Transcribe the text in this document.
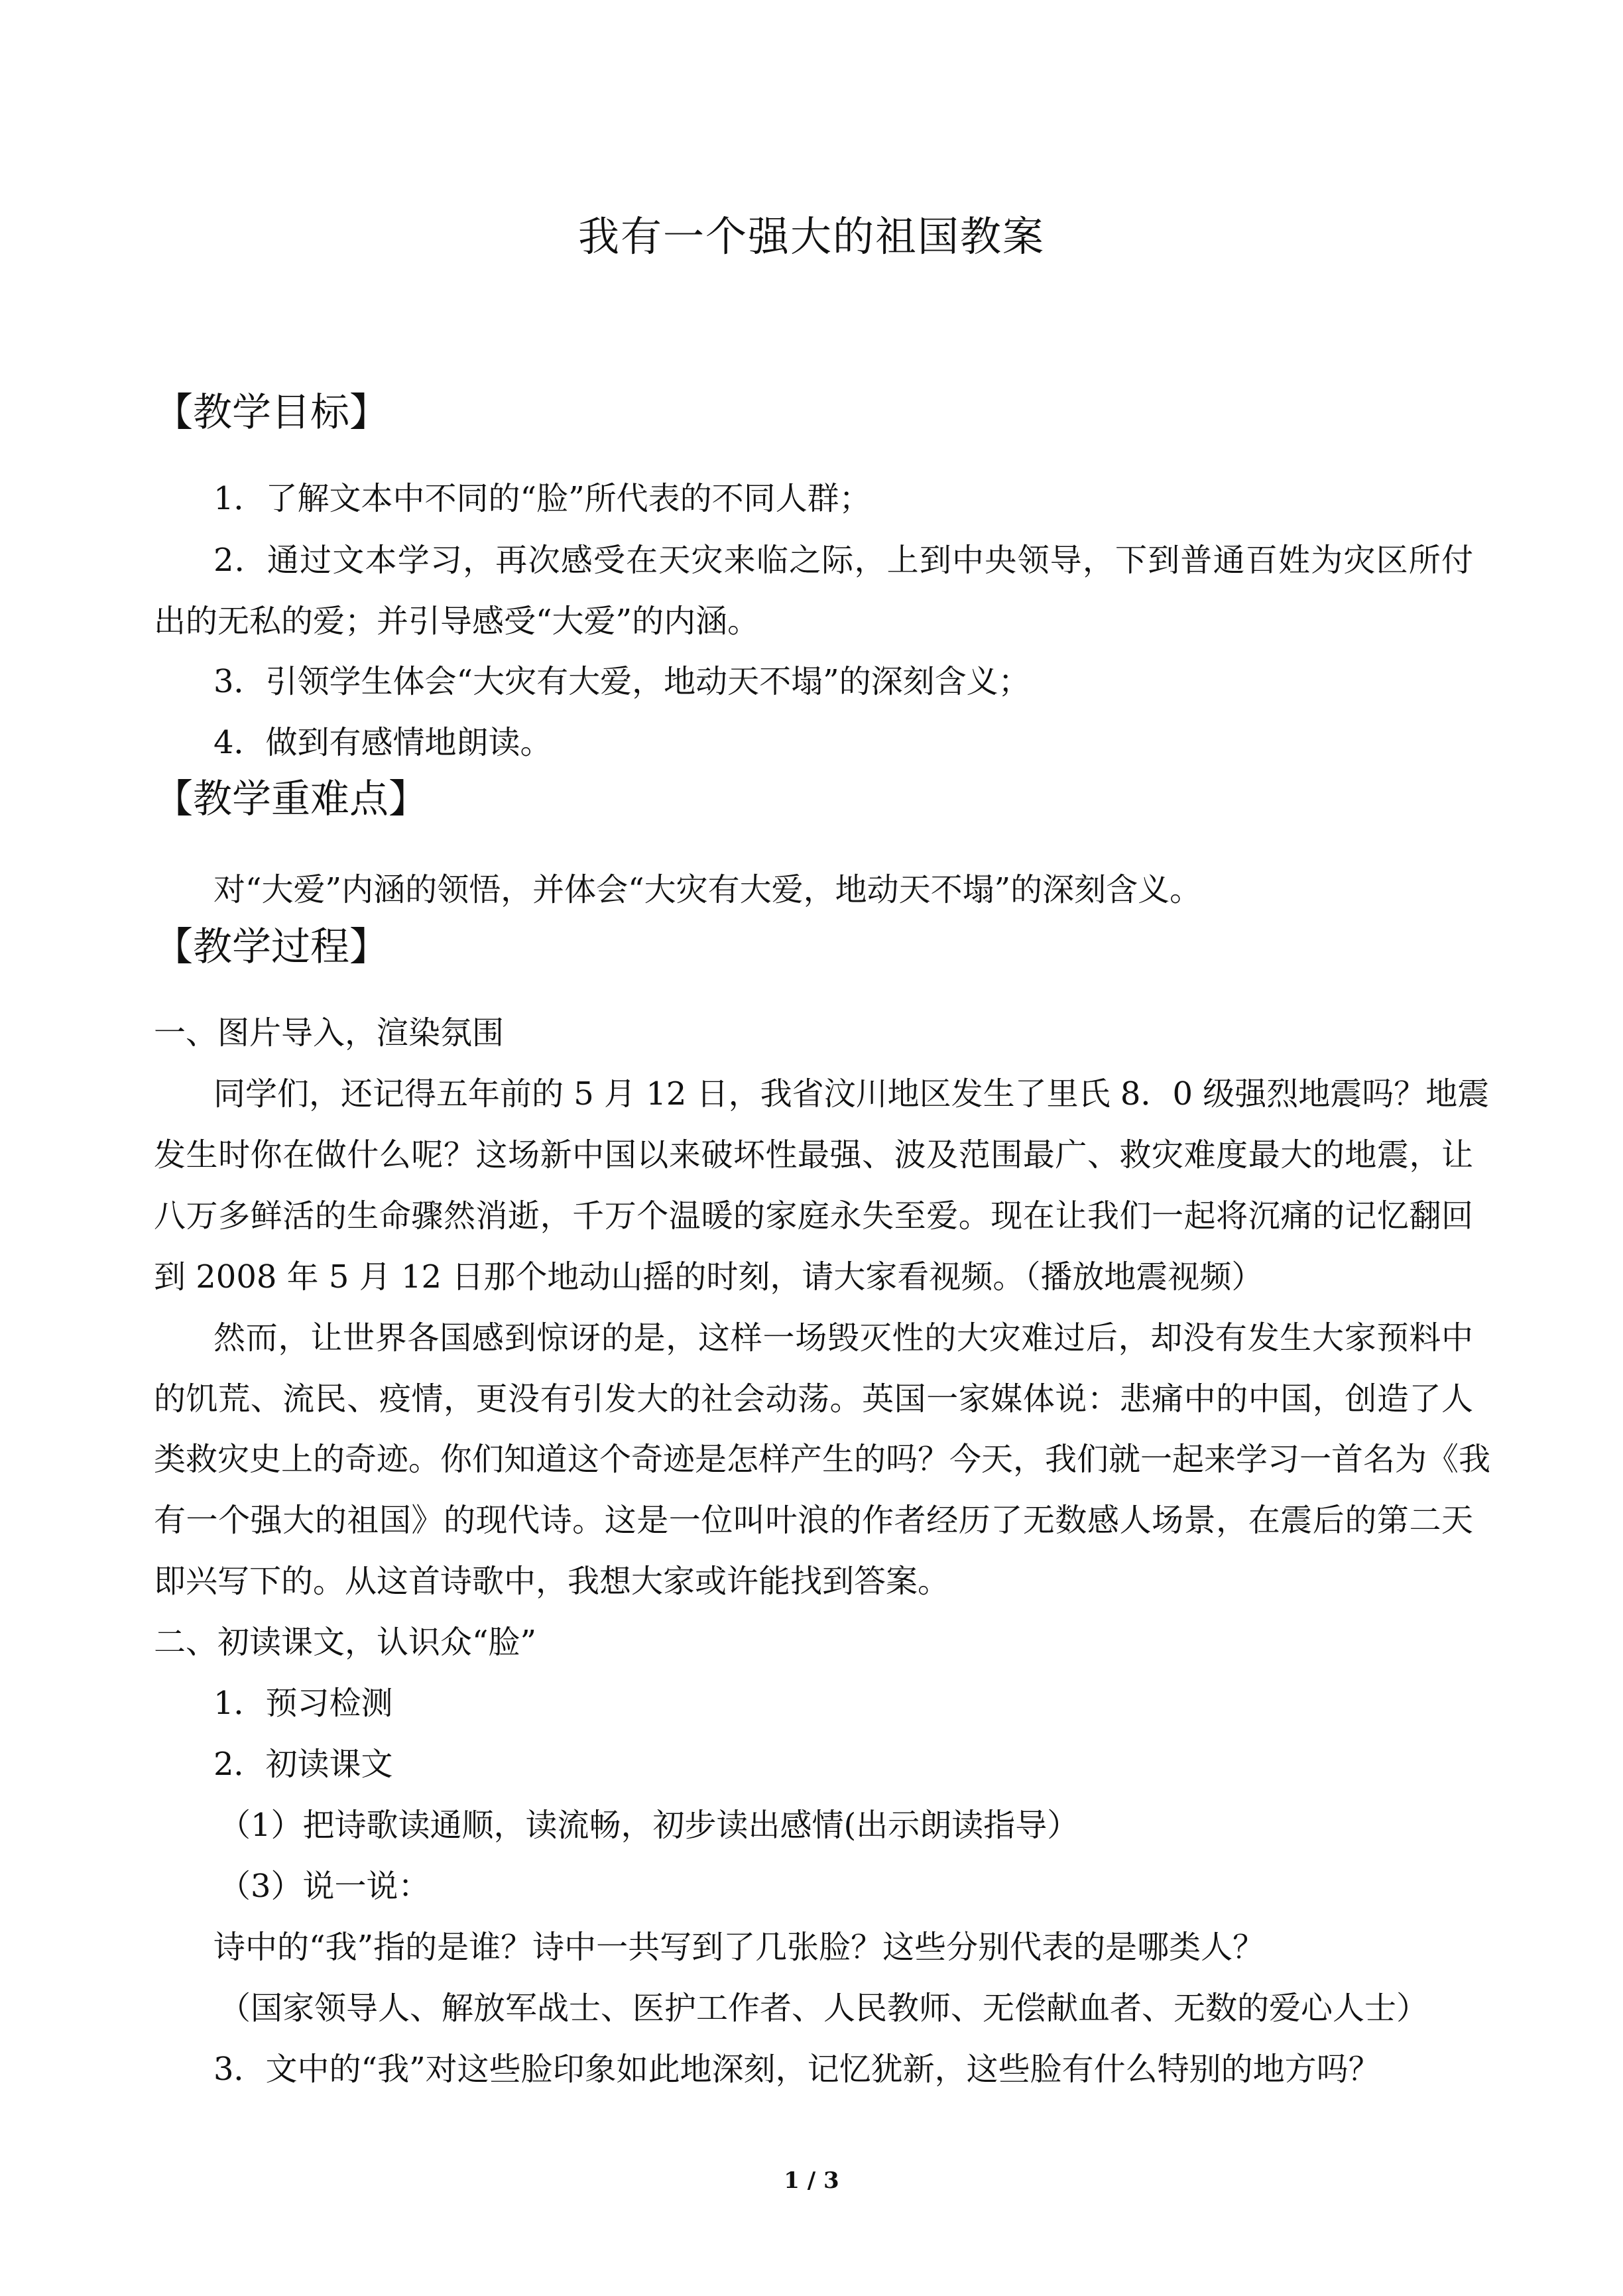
我有一个强大的祖国教案
【教学目标】
1．了解文本中不同的“脸”所代表的不同人群；
2．通过文本学习，再次感受在天灾来临之际，上到中央领导，下到普通百姓为灾区所付
出的无私的爱；并引导感受“大爱”的内涵。
3．引领学生体会“大灾有大爱，地动天不塌”的深刻含义；
4．做到有感情地朗读。
【教学重难点】
对“大爱”内涵的领悟，并体会“大灾有大爱，地动天不塌”的深刻含义。
【教学过程】
一、图片导入，渲染氛围
同学们，还记得五年前的 5 月 12 日，我省汶川地区发生了里氏 8．0 级强烈地震吗？地震
发生时你在做什么呢？这场新中国以来破坏性最强、波及范围最广、救灾难度最大的地震，让
八万多鲜活的生命骤然消逝，千万个温暖的家庭永失至爱。现在让我们一起将沉痛的记忆翻回
到 2008 年 5 月 12 日那个地动山摇的时刻，请大家看视频。（播放地震视频）
然而，让世界各国感到惊讶的是，这样一场毁灭性的大灾难过后，却没有发生大家预料中
的饥荒、流民、疫情，更没有引发大的社会动荡。英国一家媒体说：悲痛中的中国，创造了人
类救灾史上的奇迹。你们知道这个奇迹是怎样产生的吗？今天，我们就一起来学习一首名为《我
有一个强大的祖国》的现代诗。这是一位叫叶浪的作者经历了无数感人场景，在震后的第二天
即兴写下的。从这首诗歌中，我想大家或许能找到答案。
二、初读课文，认识众“脸”
1．预习检测
2．初读课文
（1）把诗歌读通顺，读流畅，初步读出感情(出示朗读指导）
（3）说一说：
诗中的“我”指的是谁？诗中一共写到了几张脸？这些分别代表的是哪类人？
（国家领导人、解放军战士、医护工作者、人民教师、无偿献血者、无数的爱心人士）
3．文中的“我”对这些脸印象如此地深刻，记忆犹新，这些脸有什么特别的地方吗？
1 / 3
